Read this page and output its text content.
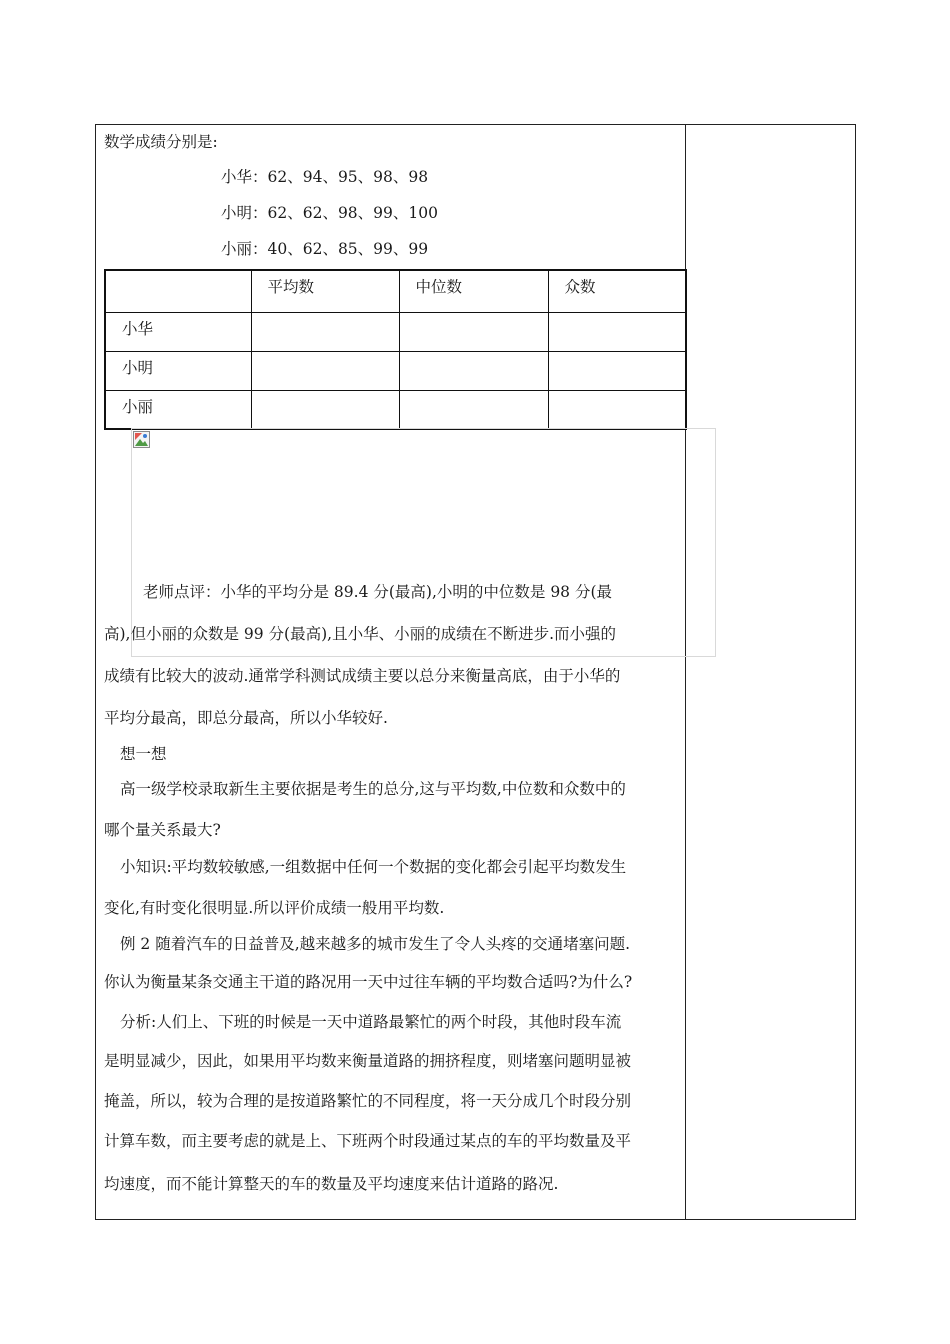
数学成绩分别是:
小华：62、94、95、98、98
小明：62、62、98、99、100
小丽：40、62、85、99、99
	平均数	中位数	众数
小华			
小明			
小丽			
老师点评：小华的平均分是 89.4 分(最高),小明的中位数是 98 分(最
高),但小丽的众数是 99 分(最高),且小华、小丽的成绩在不断进步.而小强的
成绩有比较大的波动.通常学科测试成绩主要以总分来衡量高底，由于小华的
平均分最高，即总分最高，所以小华较好.
想一想
高一级学校录取新生主要依据是考生的总分,这与平均数,中位数和众数中的
哪个量关系最大?
小知识:平均数较敏感,一组数据中任何一个数据的变化都会引起平均数发生
变化,有时变化很明显.所以评价成绩一般用平均数.
例 2 随着汽车的日益普及,越来越多的城市发生了令人头疼的交通堵塞问题.
你认为衡量某条交通主干道的路况用一天中过往车辆的平均数合适吗?为什么?
分析:人们上、下班的时候是一天中道路最繁忙的两个时段，其他时段车流
是明显减少，因此，如果用平均数来衡量道路的拥挤程度，则堵塞问题明显被
掩盖，所以，较为合理的是按道路繁忙的不同程度，将一天分成几个时段分别
计算车数，而主要考虑的就是上、下班两个时段通过某点的车的平均数量及平
均速度，而不能计算整天的车的数量及平均速度来估计道路的路况.
